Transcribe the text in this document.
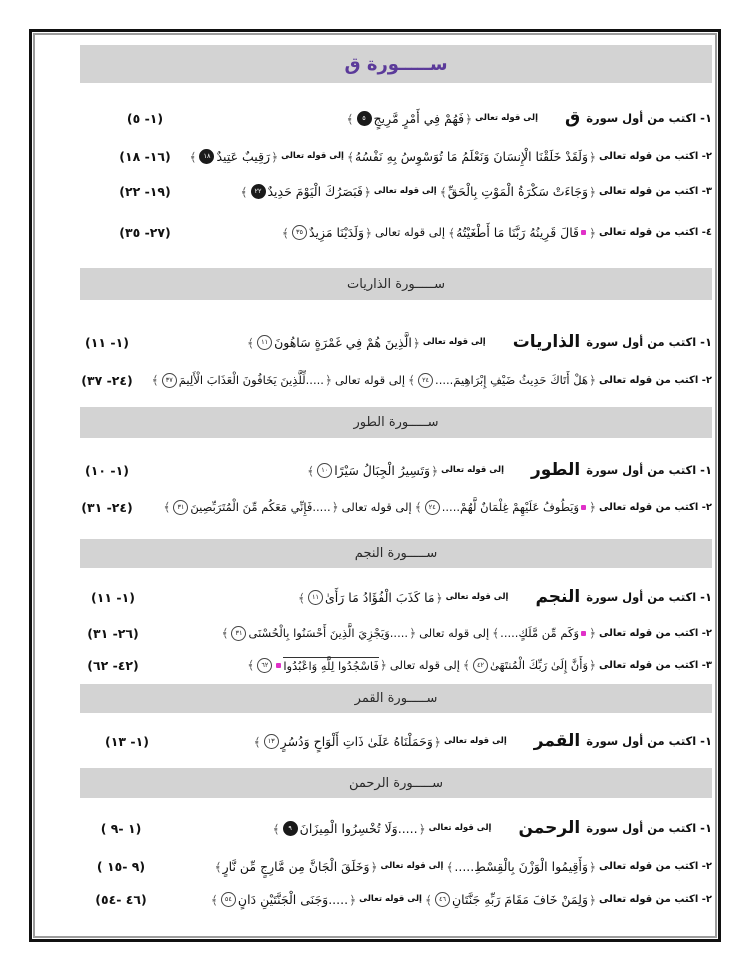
ســـــورة ق
١- اكتب من أول سورة
ق
إلى قوله تعالى
﴿
فَهُمْ فِي أَمْرٍ مَّرِيجٍ
٥
﴾
(١- ٥)
٢- اكتب من قوله تعالى
﴿
وَلَقَدْ خَلَقْنَا الْإِنسَانَ وَنَعْلَمُ مَا تُوَسْوِسُ بِهِ نَفْسُهُ
﴾
إلى قوله تعالى
﴿
رَقِيبٌ عَتِيدٌ
١٨
﴾
(١٦- ١٨)
٣- اكتب من قوله تعالى
﴿
وَجَاءَتْ سَكْرَةُ الْمَوْتِ بِالْحَقِّ
﴾
إلى قوله تعالى
﴿
فَبَصَرُكَ الْيَوْمَ حَدِيدٌ
٢٢
﴾
(١٩- ٢٢)
٤- اكتب من قوله تعالى
﴿
قَالَ قَرِينُهُ رَبَّنَا مَا أَطْغَيْتُهُ
﴾
إلى قوله تعالى
﴿
وَلَدَيْنَا مَزِيدٌ
٣٥
﴾
(٢٧- ٣٥)
ســـــورة الذاريات
١- اكتب من أول سورة
الذاريات
إلى قوله تعالى
﴿
الَّذِينَ هُمْ فِي غَمْرَةٍ سَاهُونَ
١١
﴾
(١- ١١)
٢- اكتب من قوله تعالى
﴿
هَلْ أَتَاكَ حَدِيثُ ضَيْفِ إِبْرَاهِيمَ.....
٢٤
﴾
إلى قوله تعالى
﴿
.....لِّلَّذِينَ يَخَافُونَ الْعَذَابَ الْأَلِيمَ
٣٧
﴾
(٢٤- ٣٧)
ســـــورة الطور
١- اكتب من أول سورة
الطور
إلى قوله تعالى
﴿
وَتَسِيرُ الْجِبَالُ سَيْرًا
١٠
﴾
(١- ١٠)
٢- اكتب من قوله تعالى
﴿
وَيَطُوفُ عَلَيْهِمْ غِلْمَانٌ لَّهُمْ.....
٢٤
﴾
إلى قوله تعالى
﴿
.....فَإِنِّي مَعَكُم مِّنَ الْمُتَرَبِّصِينَ
٣١
﴾
(٢٤- ٣١)
ســـــورة النجم
١- اكتب من أول سورة
النجم
إلى قوله تعالى
﴿
مَا كَذَبَ الْفُؤَادُ مَا رَأَىٰ
١١
﴾
(١- ١١)
٢- اكتب من قوله تعالى
﴿
وَكَم مِّن مَّلَكٍ.....
﴾
إلى قوله تعالى
﴿
.....وَيَجْزِيَ الَّذِينَ أَحْسَنُوا بِالْحُسْنَى
٣١
﴾
(٢٦- ٣١)
٣- اكتب من قوله تعالى
﴿
وَأَنَّ إِلَىٰ رَبِّكَ الْمُنتَهَىٰ
٤٢
﴾
إلى قوله تعالى
﴿
فَاسْجُدُوا لِلَّهِ وَاعْبُدُوا
٦٢
﴾
(٤٢- ٦٢)
ســـــورة القمر
١- اكتب من أول سورة
القمر
إلى قوله تعالى
﴿
وَحَمَلْنَاهُ عَلَىٰ ذَاتِ أَلْوَاحٍ وَدُسُرٍ
١٣
﴾
(١- ١٣)
ســـــورة الرحمن
١- اكتب من أول سورة
الرحمن
إلى قوله تعالى
﴿
.....وَلَا تُخْسِرُوا الْمِيزَانَ
٩
﴾
(١ -٩ )
٢- اكتب من قوله تعالى
﴿
وَأَقِيمُوا الْوَزْنَ بِالْقِسْطِ.....
﴾
إلى قوله تعالى
﴿
وَخَلَقَ الْجَانَّ مِن مَّارِجٍ مِّن نَّارٍ
﴾
(٩ -١٥ )
٢- اكتب من قوله تعالى
﴿
وَلِمَنْ خَافَ مَقَامَ رَبِّهِ جَنَّتَانِ
٤٦
﴾
إلى قوله تعالى
﴿
.....وَجَنَى الْجَنَّتَيْنِ دَانٍ
٥٤
﴾
(٤٦ -٥٤)
